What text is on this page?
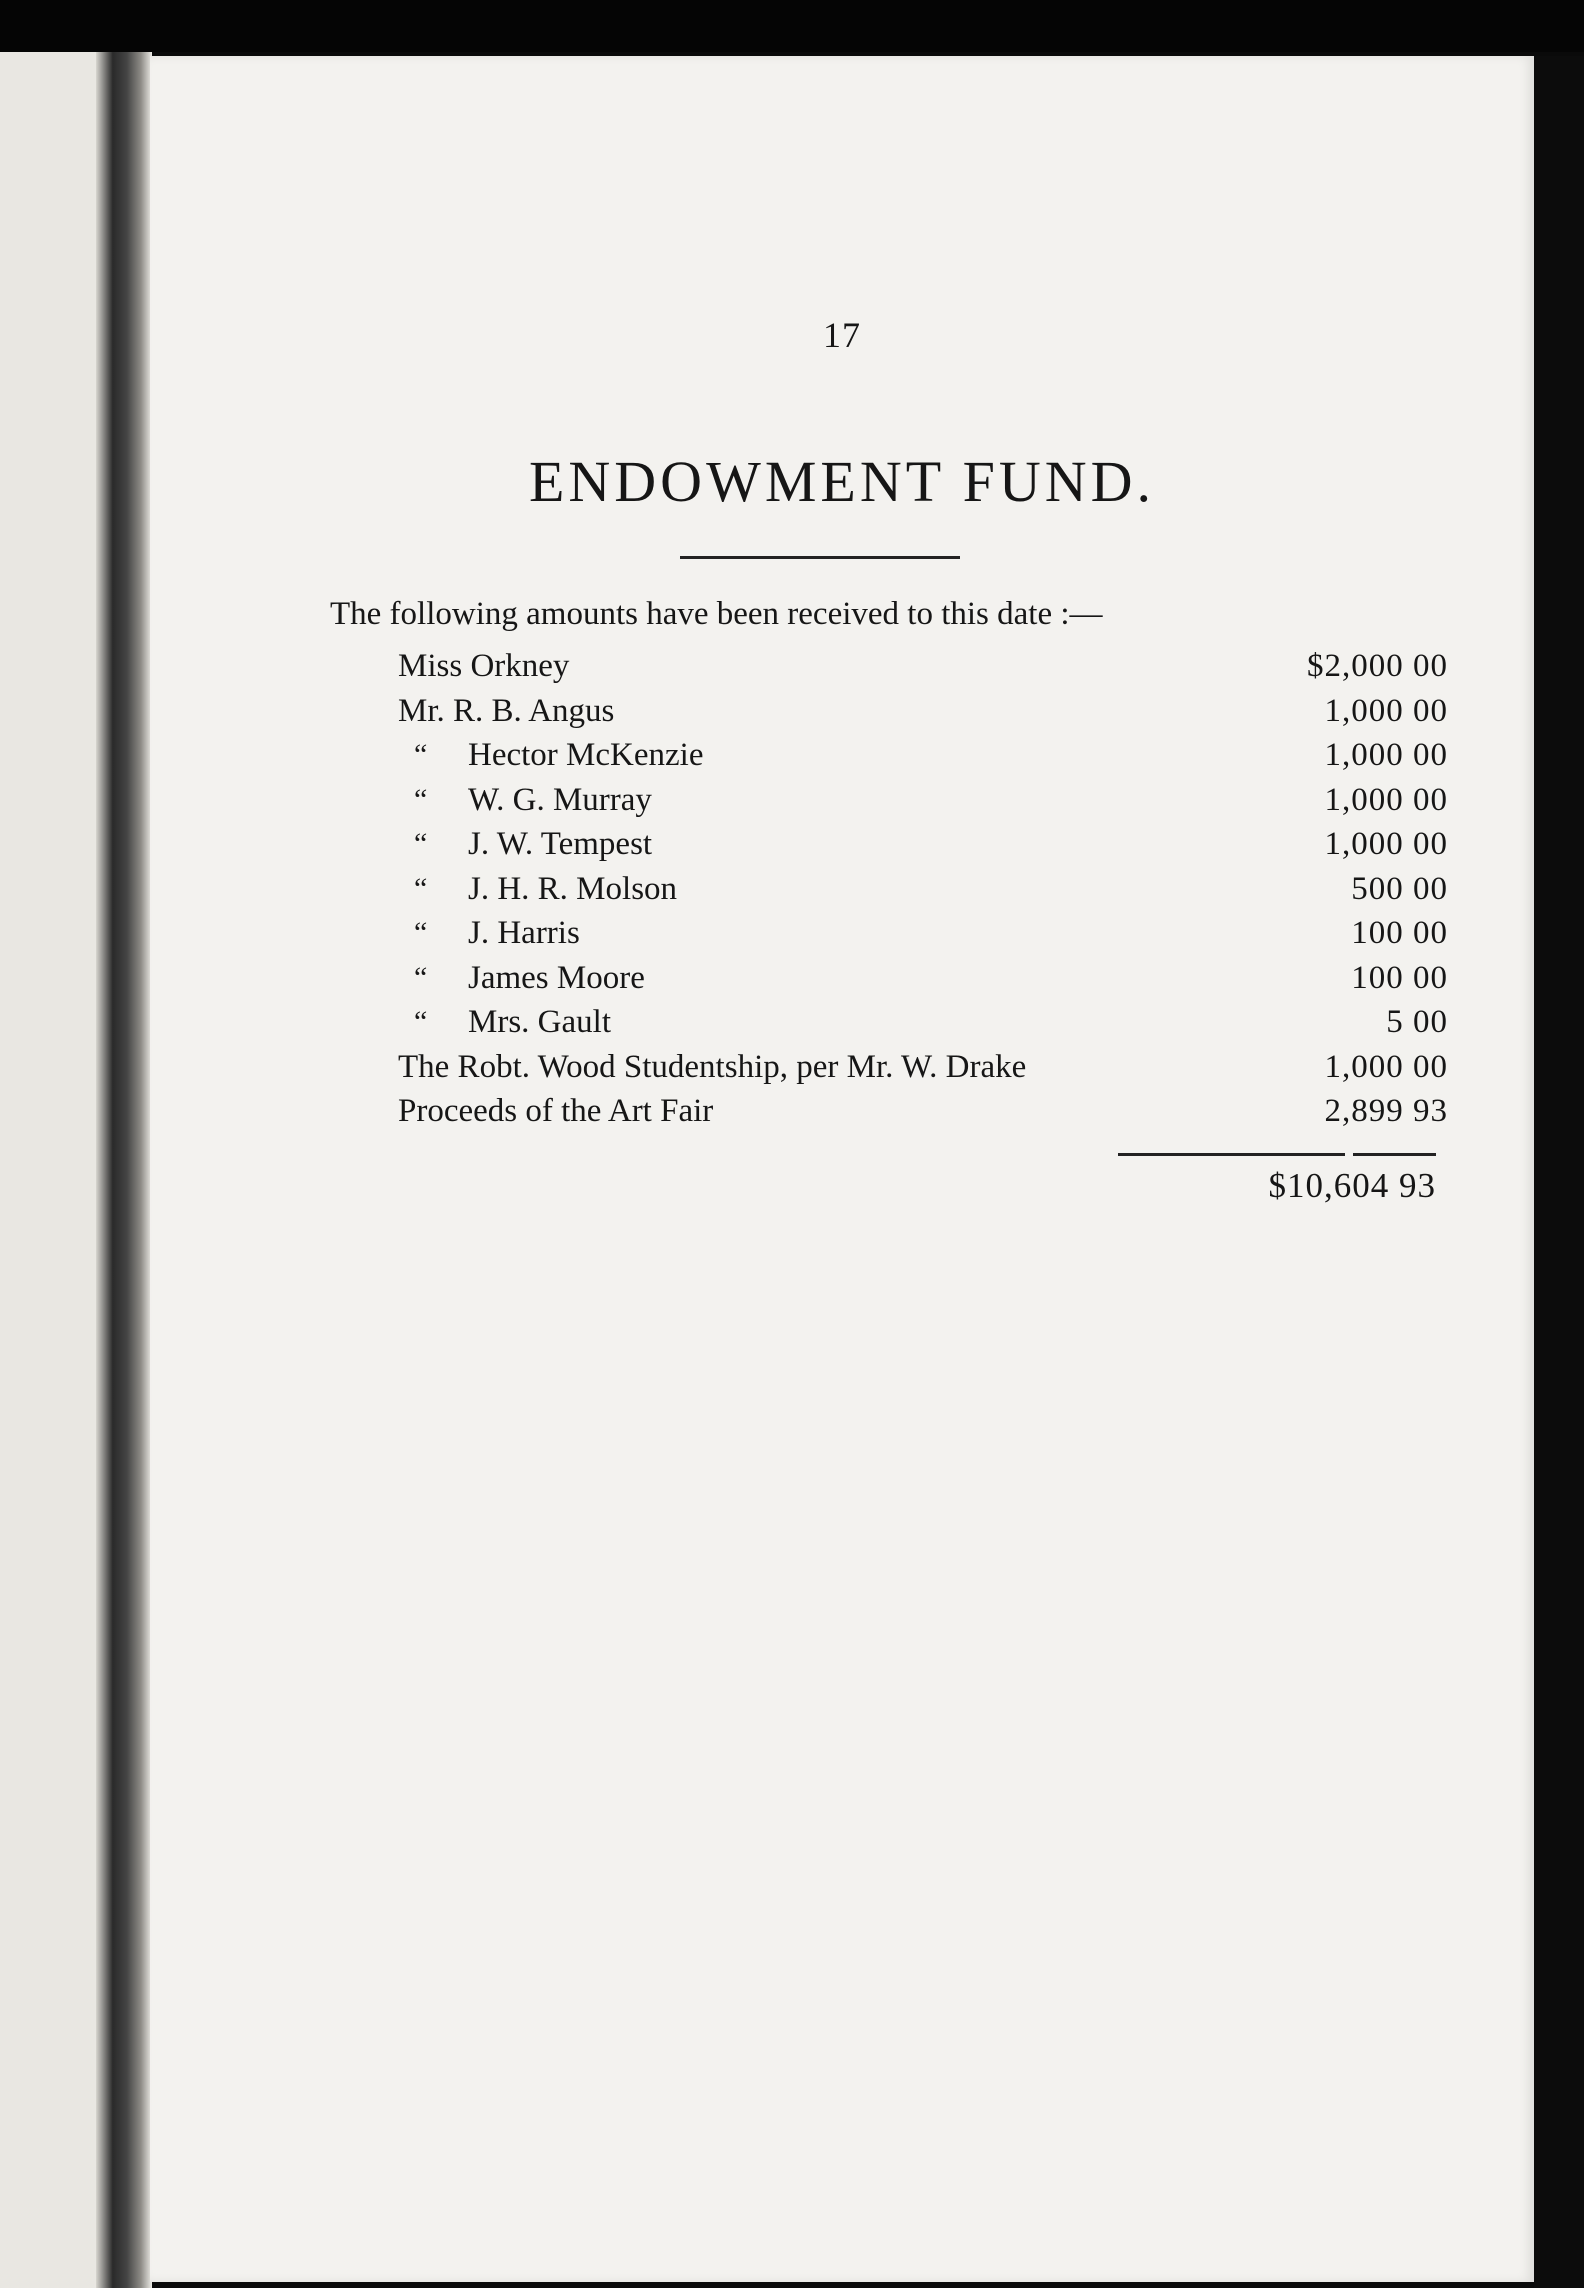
17
ENDOWMENT FUND.
The following amounts have been received to this date :—
Miss Orkney	$2,000 00
Mr. R. B. Angus	1,000 00
“ Hector McKenzie	1,000 00
“ W. G. Murray	1,000 00
“ J. W. Tempest	1,000 00
“ J. H. R. Molson	500 00
“ J. Harris	100 00
“ James Moore	100 00
“ Mrs. Gault	5 00
The Robt. Wood Studentship, per Mr. W. Drake	1,000 00
Proceeds of the Art Fair	2,899 93
$10,604 93
